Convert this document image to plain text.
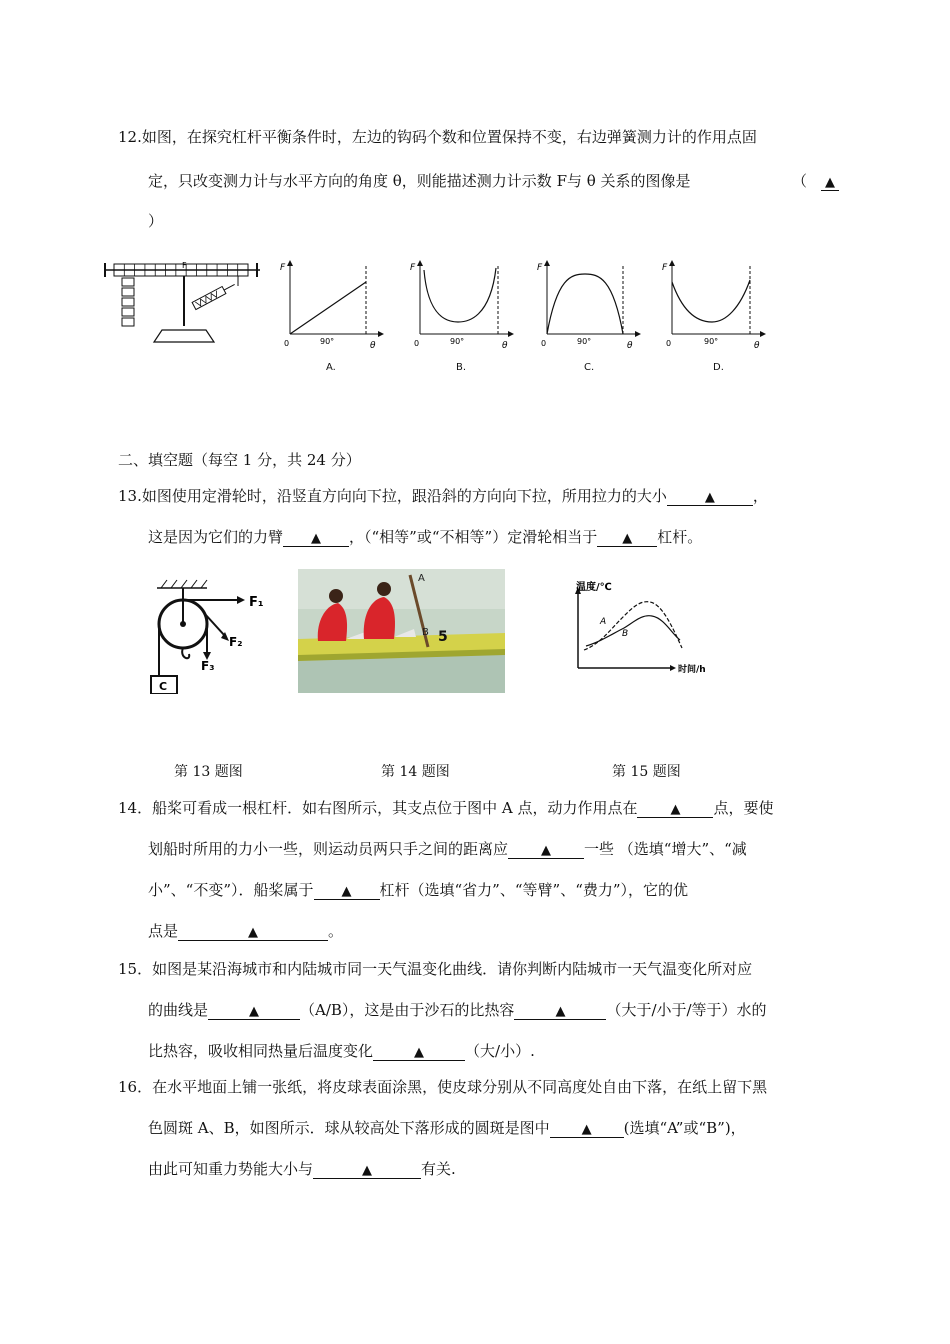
12.如图，在探究杠杆平衡条件时，左边的钩码个数和位置保持不变，右边弹簧测力计的作用点固
定，只改变测力计与水平方向的角度 θ，则能描述测力计示数 F与 θ 关系的图像是	（ ▲
）
F	F
0	90°	θ
F
0	90°	θ
F
0	90°	θ
F
0	90°	θ
A.	B.	C.	D.
二、填空题（每空 1 分，共 24 分）
13.如图使用定滑轮时，沿竖直方向向下拉，跟沿斜的方向向下拉，所用拉力的大小	▲	，
这是因为它们的力臂 ▲ ，（“相等”或“不相等”）定滑轮相当于 ▲ 杠杆。
F₁
F₂
F₃
C
A
B 5
温度/℃
时间/h
A
B
第 13 题图	第 14 题图	第 15 题图
14．船桨可看成一根杠杆．如右图所示，其支点位于图中 A 点，动力作用点在	▲ 点，要使
划船时所用的力小一些，则运动员两只手之间的距离应	▲ 一些 （选填“增大”、“减
小”、“不变”）．船桨属于 ▲ 杠杆（选填“省力”、“等臂”、“费力”），它的优
点是	▲	。
15．如图是某沿海城市和内陆城市同一天气温变化曲线．请你判断内陆城市一天气温变化所对应
的曲线是	▲	（A/B），这是由于沙石的比热容	▲	（大于/小于/等于）水的
比热容，吸收相同热量后温度变化	▲	（大/小）.
16．在水平地面上铺一张纸，将皮球表面涂黑，使皮球分别从不同高度处自由下落，在纸上留下黑
色圆斑 A、B，如图所示．球从较高处下落形成的圆斑是图中 ▲ (选填“A”或“B”)，
由此可知重力势能大小与	▲	有关.
